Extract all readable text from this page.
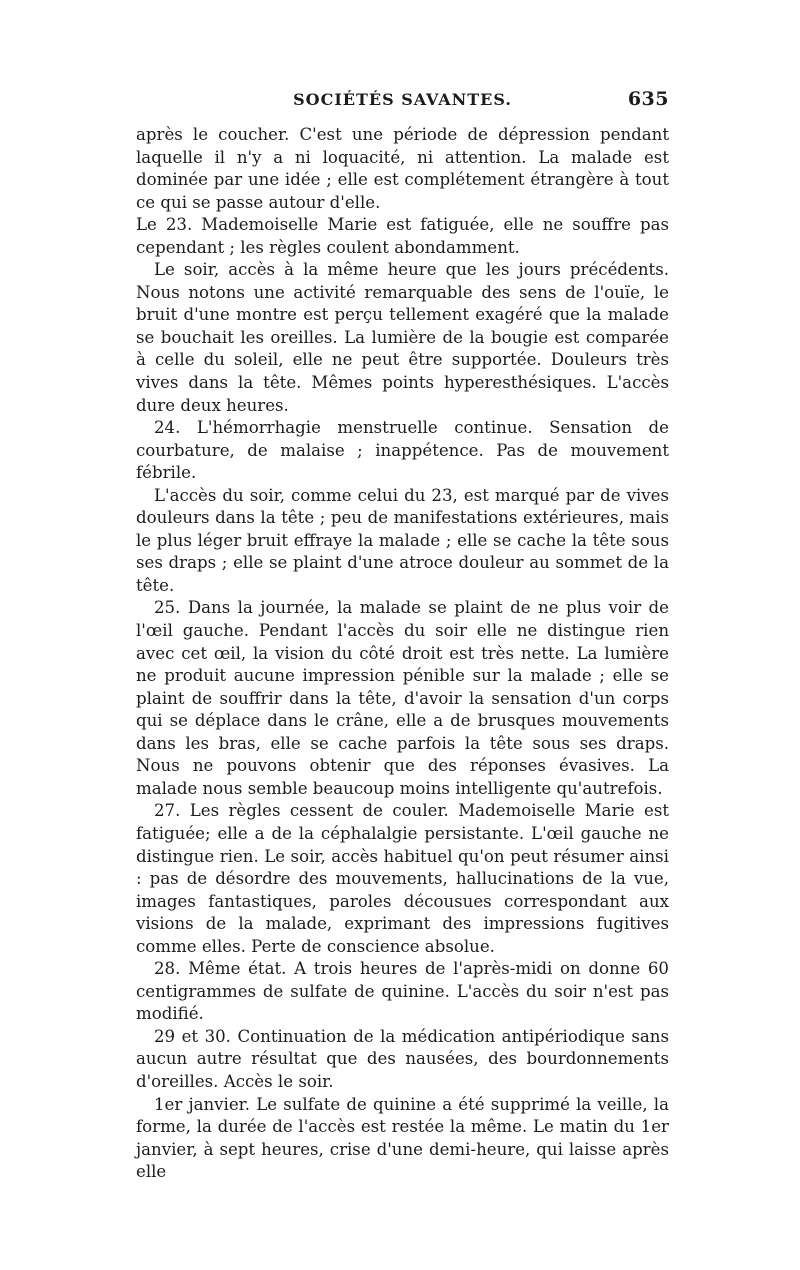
SOCIÉTÉS SAVANTES.	635

après le coucher. C'est une période de dépression pendant laquelle il n'y a ni loquacité, ni attention. La malade est dominée par une idée ; elle est complétement étrangère à tout ce qui se passe autour d'elle.

Le 23. Mademoiselle Marie est fatiguée, elle ne souffre pas cependant ; les règles coulent abondamment.

Le soir, accès à la même heure que les jours précédents. Nous notons une activité remarquable des sens de l'ouïe, le bruit d'une montre est perçu tellement exagéré que la malade se bouchait les oreilles. La lumière de la bougie est comparée à celle du soleil, elle ne peut être supportée. Douleurs très vives dans la tête. Mêmes points hyperesthésiques. L'accès dure deux heures.

24. L'hémorrhagie menstruelle continue. Sensation de courbature, de malaise ; inappétence. Pas de mouvement fébrile.

L'accès du soir, comme celui du 23, est marqué par de vives douleurs dans la tête ; peu de manifestations extérieures, mais le plus léger bruit effraye la malade ; elle se cache la tête sous ses draps ; elle se plaint d'une atroce douleur au sommet de la tête.

25. Dans la journée, la malade se plaint de ne plus voir de l'œil gauche. Pendant l'accès du soir elle ne distingue rien avec cet œil, la vision du côté droit est très nette. La lumière ne produit aucune impression pénible sur la malade ; elle se plaint de souffrir dans la tête, d'avoir la sensation d'un corps qui se déplace dans le crâne, elle a de brusques mouvements dans les bras, elle se cache parfois la tête sous ses draps. Nous ne pouvons obtenir que des réponses évasives. La malade nous semble beaucoup moins intelligente qu'autrefois.

27. Les règles cessent de couler. Mademoiselle Marie est fatiguée; elle a de la céphalalgie persistante. L'œil gauche ne distingue rien. Le soir, accès habituel qu'on peut résumer ainsi : pas de désordre des mouvements, hallucinations de la vue, images fantastiques, paroles décousues correspondant aux visions de la malade, exprimant des impressions fugitives comme elles. Perte de conscience absolue.

28. Même état. A trois heures de l'après-midi on donne 60 centigrammes de sulfate de quinine. L'accès du soir n'est pas modifié.

29 et 30. Continuation de la médication antipériodique sans aucun autre résultat que des nausées, des bourdonnements d'oreilles. Accès le soir.

1er janvier. Le sulfate de quinine a été supprimé la veille, la forme, la durée de l'accès est restée la même. Le matin du 1er janvier, à sept heures, crise d'une demi-heure, qui laisse après elle
